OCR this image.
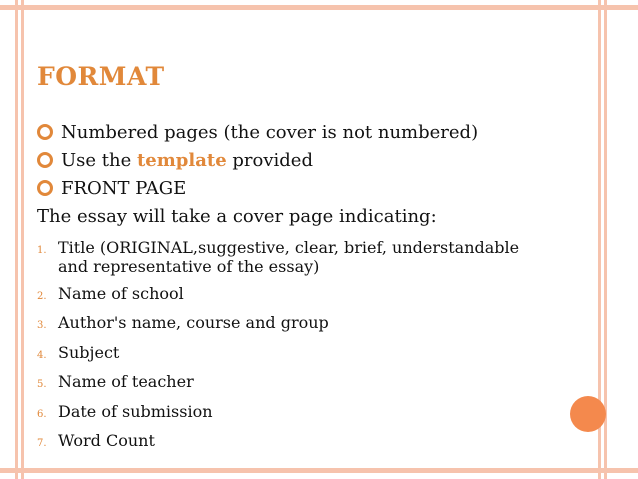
FORMAT
Numbered pages (the cover is not numbered)
Use the template provided
FRONT PAGE
The essay will take a cover page indicating:
1. Title (ORIGINAL,suggestive, clear, brief, understandable and representative of the essay)
2. Name of school
3. Author's name, course and group
4. Subject
5. Name of teacher
6. Date of submission
7. Word Count
